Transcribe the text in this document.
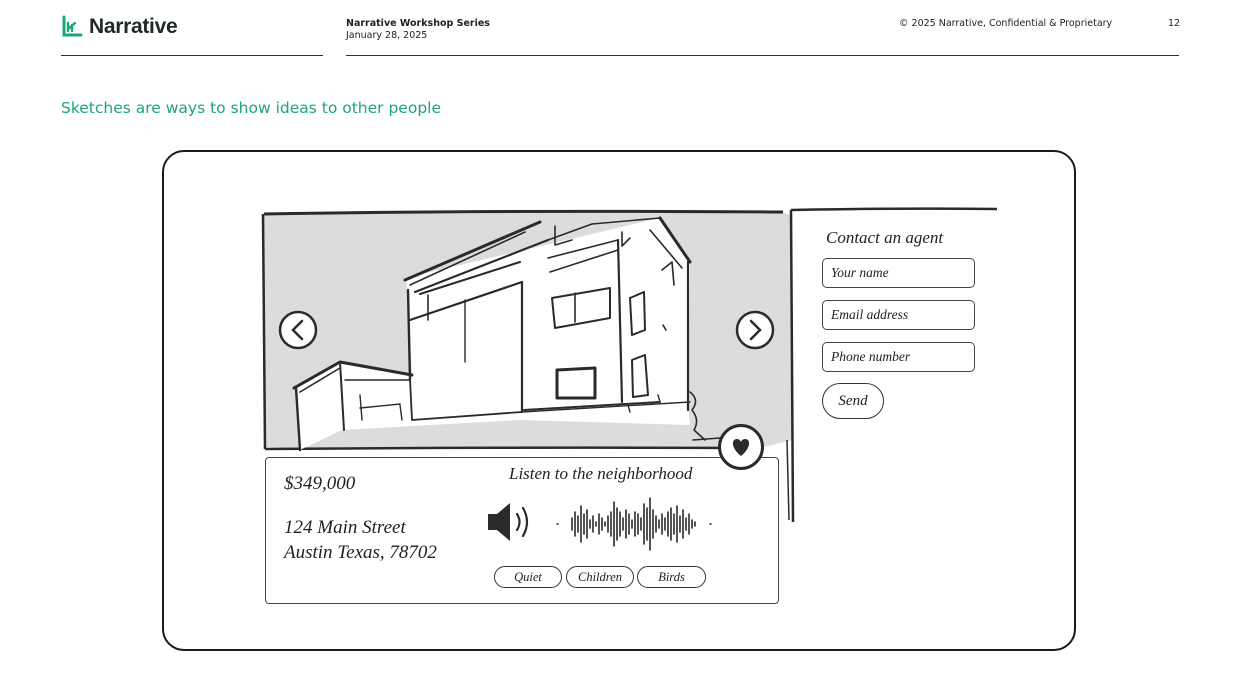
Narrative	Narrative Workshop Series
January 28, 2025
© 2025 Narrative, Confidential & Proprietary	12
Sketches are ways to show ideas to other people
$349,000
124 Main Street
Austin Texas, 78702
Listen to the neighborhood
Quiet	Children	Birds
Contact an agent
Your name
Email address
Phone number
Send
